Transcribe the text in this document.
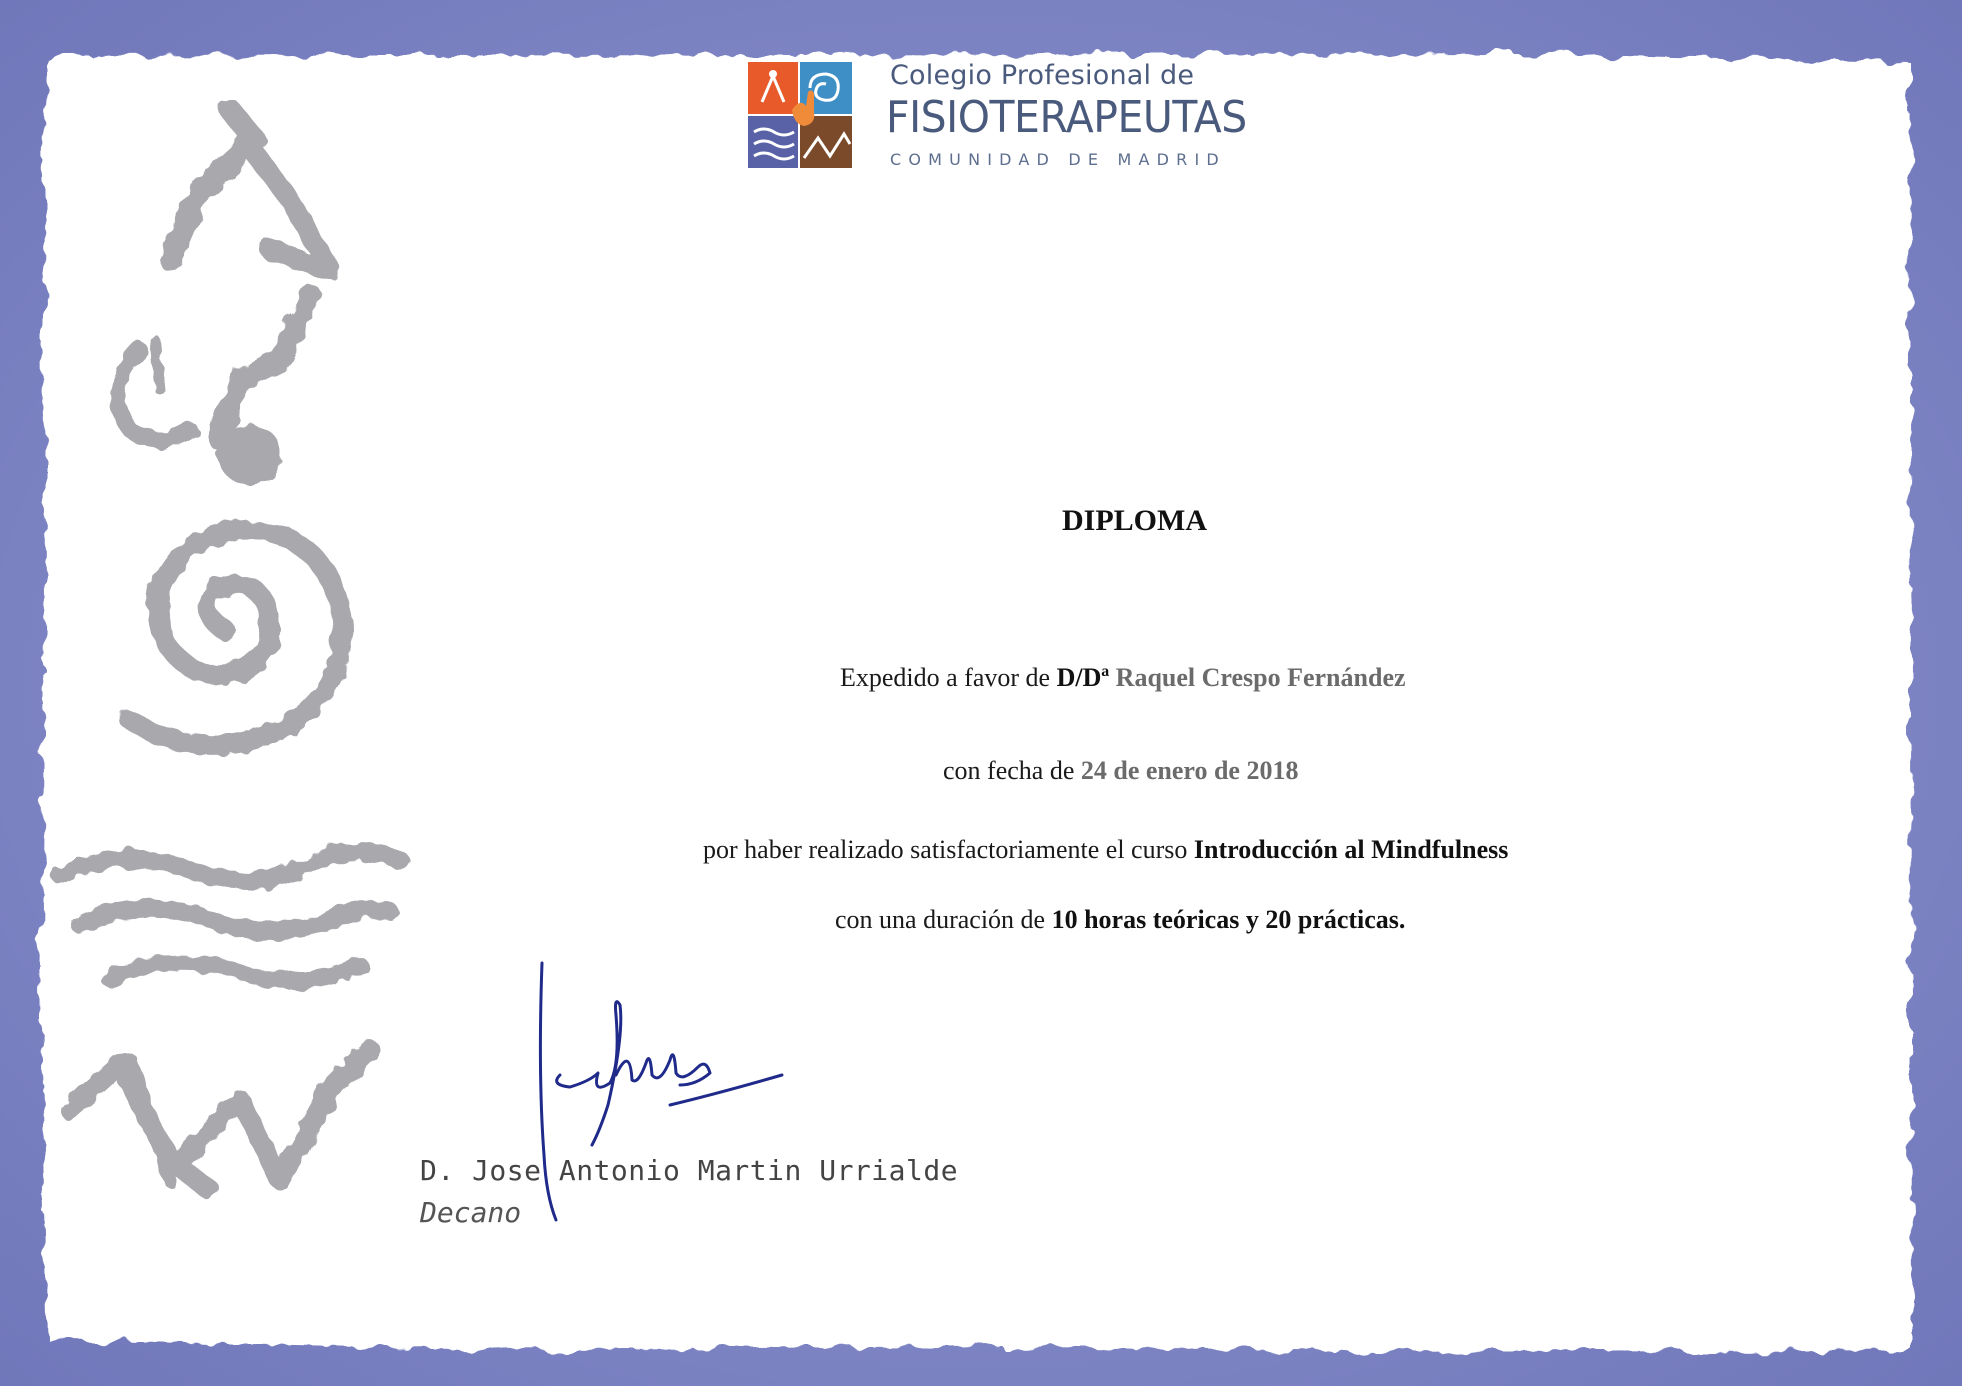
Colegio Profesional de
FISIOTERAPEUTAS
COMUNIDAD DE MADRID
DIPLOMA
Expedido a favor de D/Dª Raquel Crespo Fernández
con fecha de 24 de enero de 2018
por haber realizado satisfactoriamente el curso Introducción al Mindfulness
con una duración de 10 horas teóricas y 20 prácticas.
D. Jose Antonio Martin Urrialde
Decano
